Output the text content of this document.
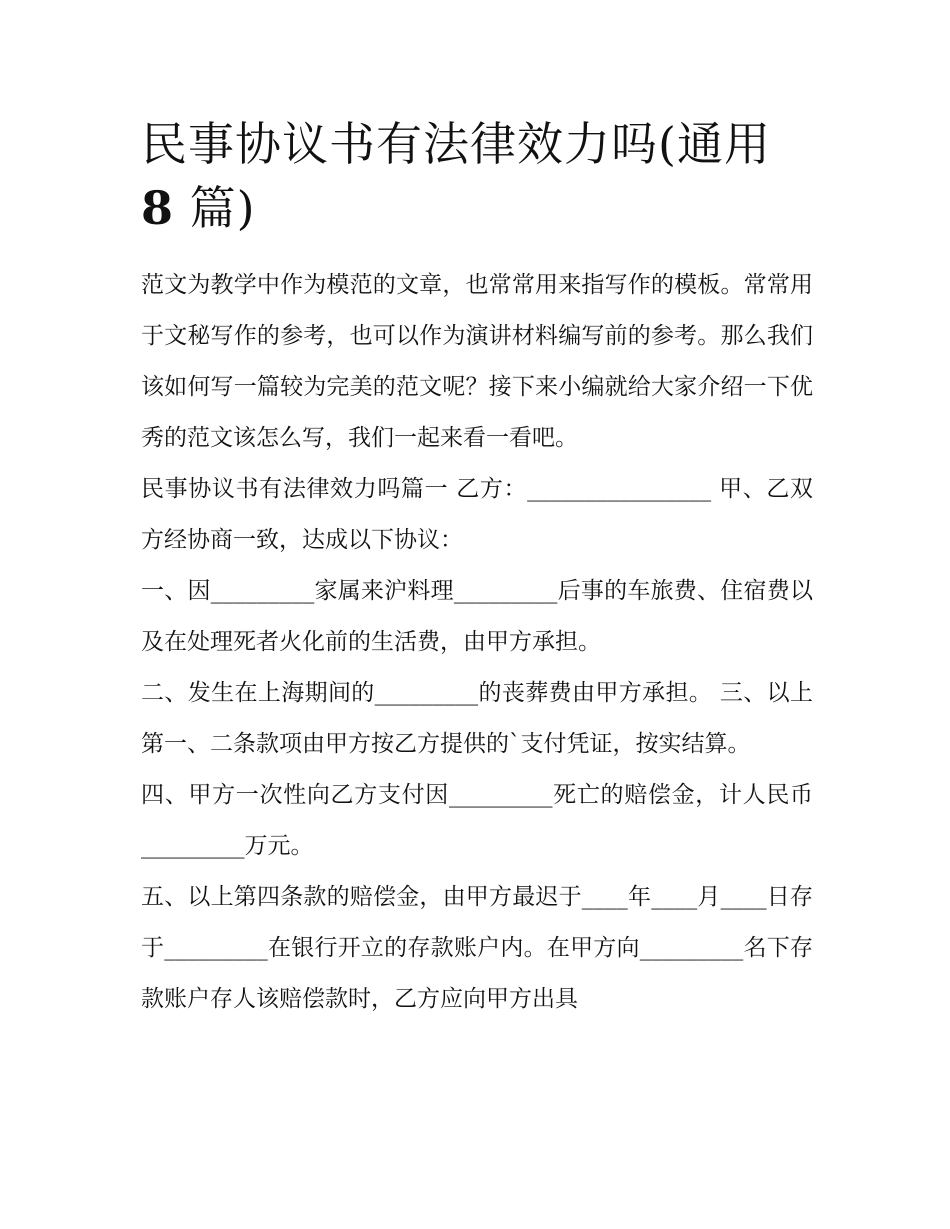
民事协议书有法律效力吗(通用
8 篇)

范文为教学中作为模范的文章，也常常用来指写作的模板。常常用于文秘写作的参考，也可以作为演讲材料编写前的参考。那么我们该如何写一篇较为完美的范文呢？接下来小编就给大家介绍一下优秀的范文该怎么写，我们一起来看一看吧。

民事协议书有法律效力吗篇一 乙方：________________ 甲、乙双方经协商一致，达成以下协议：

一、因_________家属来沪料理_________后事的车旅费、住宿费以及在处理死者火化前的生活费，由甲方承担。

二、发生在上海期间的_________的丧葬费由甲方承担。 三、以上第一、二条款项由甲方按乙方提供的`支付凭证，按实结算。

四、甲方一次性向乙方支付因_________死亡的赔偿金，计人民币_________万元。

五、以上第四条款的赔偿金，由甲方最迟于____年____月____日存于_________在银行开立的存款账户内。在甲方向_________名下存款账户存人该赔偿款时，乙方应向甲方出具
